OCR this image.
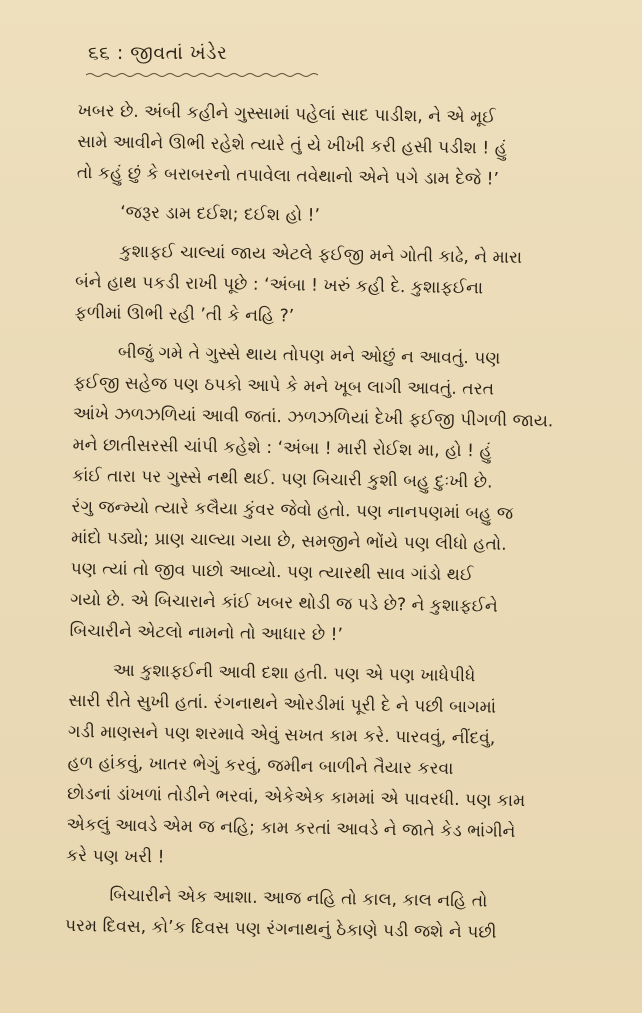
૬૬ : જીવતાં ખંડેર

ખબર છે. અંબી કહીને ગુસ્સામાં પહેલાં સાદ પાડીશ, ને એ મૂઈ
સામે આવીને ઊભી રહેશે ત્યારે તું યે ખીખી કરી હસી પડીશ ! હું
તો કહું છું કે બરાબરનો તપાવેલા તવેથાનો એને પગે ડામ દેજે !’

‘જરૂર ડામ દઈશ; દઈશ હો !’

કુશાફઈ ચાલ્યાં જાય એટલે ફઈજી મને ગોતી કાઢે, ને મારા
બંને હાથ પકડી રાખી પૂછે : ‘અંબા ! ખરું કહી દે. કુશાફઈના
ફળીમાં ઊભી રહી ’તી કે નહિ ?’

બીજું ગમે તે ગુસ્સે થાય તોપણ મને ઓછું ન આવતું. પણ
ફઈજી સહેજ પણ ઠપકો આપે કે મને ખૂબ લાગી આવતું. તરત
આંખે ઝળઝળિયાં આવી જતાં. ઝળઝળિયાં દેખી ફઈજી પીગળી જાય.
મને છાતીસરસી ચાંપી કહેશે : ‘અંબા ! મારી રોઈશ મા, હો ! હું
કાંઈ તારા પર ગુસ્સે નથી થઈ. પણ બિચારી કુશી બહુ દુઃખી છે.
રંગુ જન્મ્યો ત્યારે કલૈયા કુંવર જેવો હતો. પણ નાનપણમાં બહુ જ
માંદો પડ્યો; પ્રાણ ચાલ્યા ગયા છે, સમજીને ભોંયે પણ લીધો હતો.
પણ ત્યાં તો જીવ પાછો આવ્યો. પણ ત્યારથી સાવ ગાંડો થઈ
ગયો છે. એ બિચારાને કાંઈ ખબર થોડી જ પડે છે? ને કુશાફઈને
બિચારીને એટલો નામનો તો આધાર છે !’

આ કુશાફઈની આવી દશા હતી. પણ એ પણ ખાધેપીધે
સારી રીતે સુખી હતાં. રંગનાથને ઓરડીમાં પૂરી દે ને પછી બાગમાં
ગડી માણસને પણ શરમાવે એવું સખત કામ કરે. પારવવું, નીંદવું,
હળ હાંકવું, ખાતર ભેગું કરવું, જમીન બાળીને તૈયાર કરવા
છોડનાં ડાંખળાં તોડીને ભરવાં, એકેએક કામમાં એ પાવરધી. પણ કામ
એકલું આવડે એમ જ નહિ; કામ કરતાં આવડે ને જાતે કેડ ભાંગીને
કરે પણ ખરી !

બિચારીને એક આશા. આજ નહિ તો કાલ, કાલ નહિ તો
પરમ દિવસ, કો’ક દિવસ પણ રંગનાથનું ઠેકાણે પડી જશે ને પછી
